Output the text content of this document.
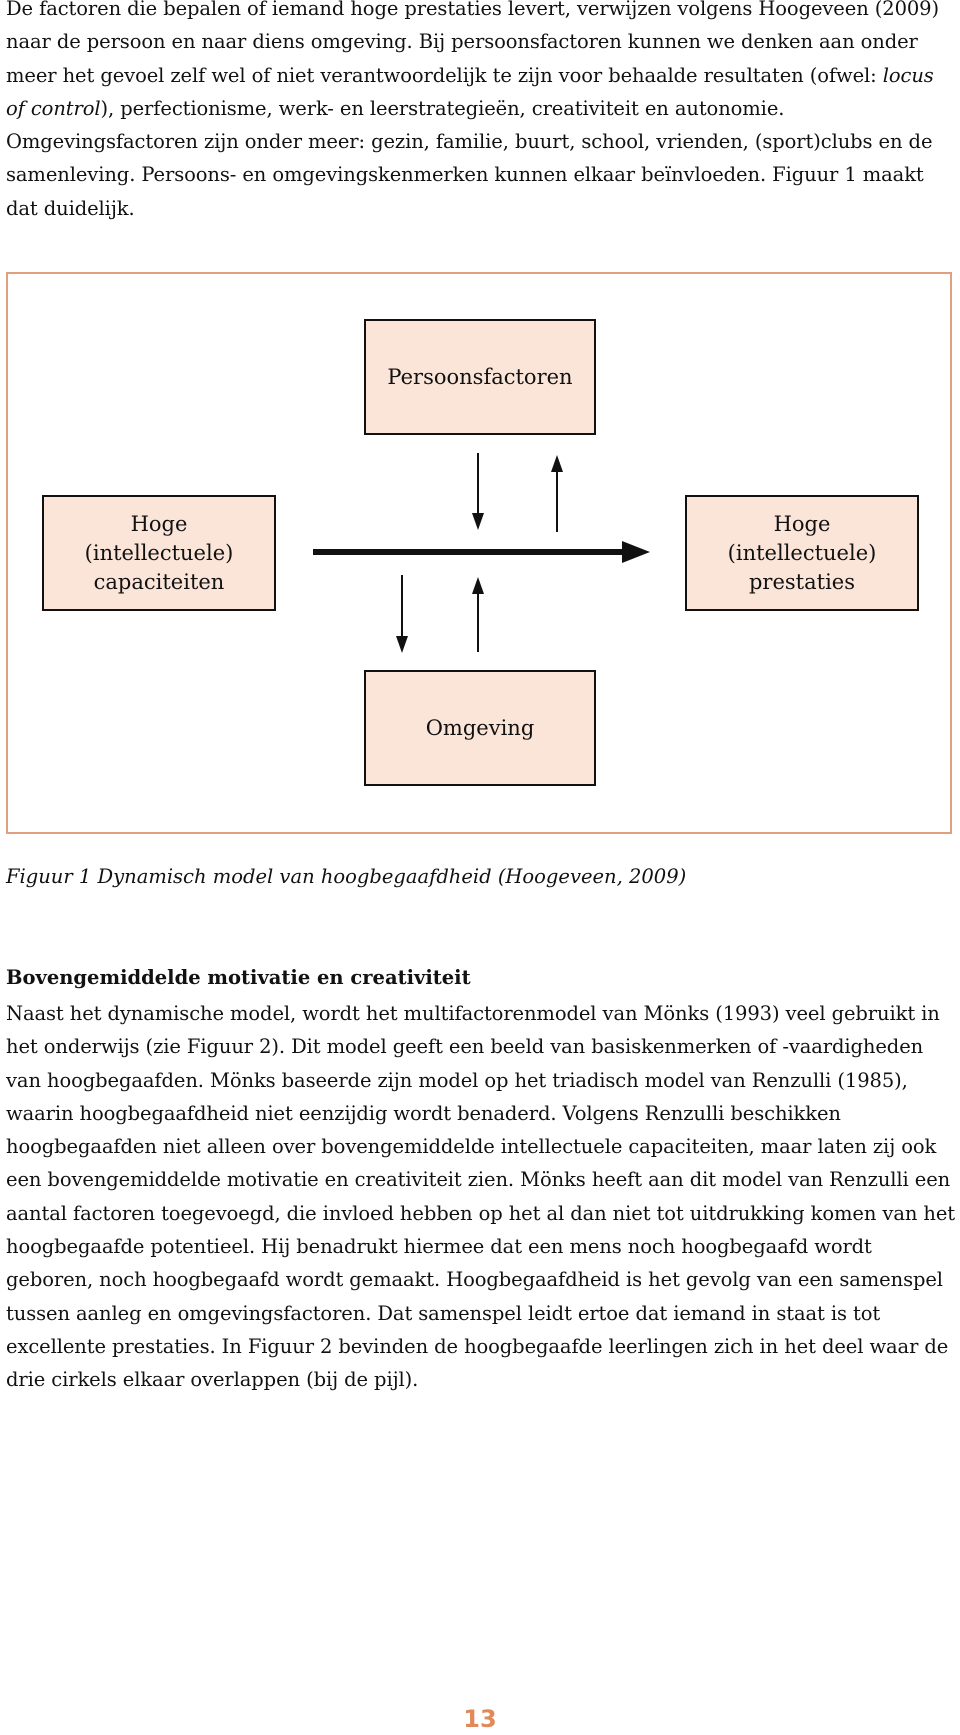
De factoren die bepalen of iemand hoge prestaties levert, verwijzen volgens Hoogeveen (2009) naar de persoon en naar diens omgeving. Bij persoonsfactoren kunnen we denken aan onder meer het gevoel zelf wel of niet verantwoordelijk te zijn voor behaalde resultaten (ofwel: locus of control), perfectionisme, werk- en leerstrategieën, creativiteit en autonomie. Omgevingsfactoren zijn onder meer: gezin, familie, buurt, school, vrienden, (sport)clubs en de samenleving. Persoons- en omgevingskenmerken kunnen elkaar beïnvloeden. Figuur 1 maakt dat duidelijk.

Persoonsfactoren
Hoge
(intellectuele)
capaciteiten
Hoge
(intellectuele)
prestaties
Omgeving

Figuur 1 Dynamisch model van hoogbegaafdheid (Hoogeveen, 2009)

Bovengemiddelde motivatie en creativiteit

Naast het dynamische model, wordt het multifactorenmodel van Mönks (1993) veel gebruikt in het onderwijs (zie Figuur 2). Dit model geeft een beeld van basiskenmerken of -vaardigheden van hoogbegaafden. Mönks baseerde zijn model op het triadisch model van Renzulli (1985), waarin hoogbegaafdheid niet eenzijdig wordt benaderd. Volgens Renzulli beschikken hoogbegaafden niet alleen over bovengemiddelde intellectuele capaciteiten, maar laten zij ook een bovengemiddelde motivatie en creativiteit zien. Mönks heeft aan dit model van Renzulli een aantal factoren toegevoegd, die invloed hebben op het al dan niet tot uitdrukking komen van het hoogbegaafde potentieel. Hij benadrukt hiermee dat een mens noch hoogbegaafd wordt geboren, noch hoogbegaafd wordt gemaakt. Hoogbegaafdheid is het gevolg van een samenspel tussen aanleg en omgevingsfactoren. Dat samenspel leidt ertoe dat iemand in staat is tot excellente prestaties. In Figuur 2 bevinden de hoogbegaafde leerlingen zich in het deel waar de drie cirkels elkaar overlappen (bij de pijl).

13
